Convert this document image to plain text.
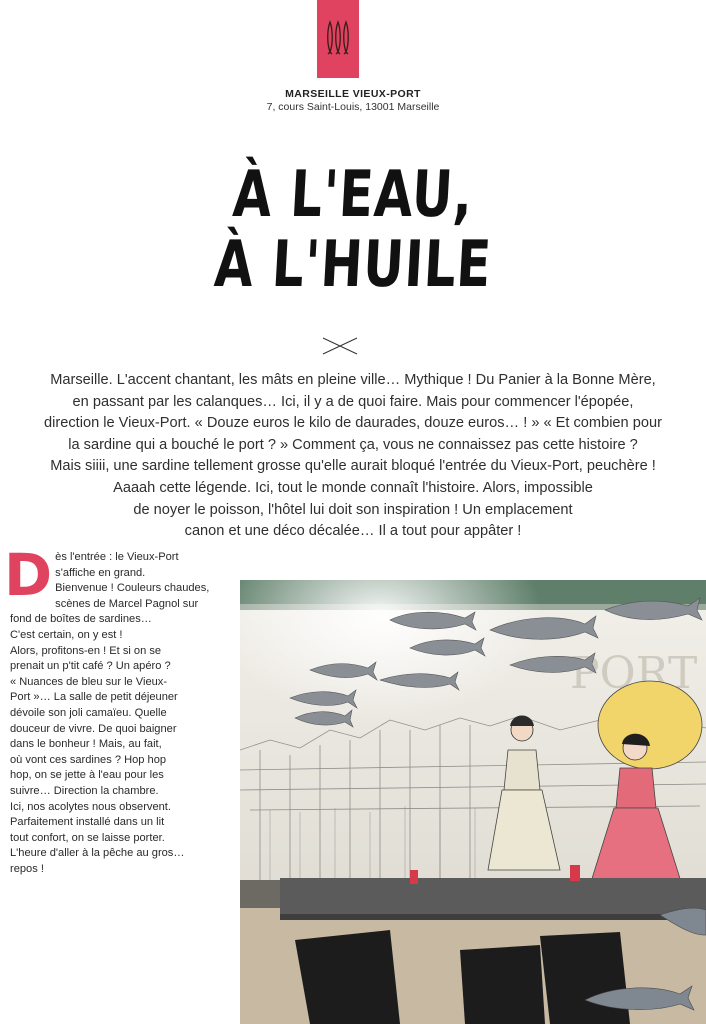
MARSEILLE VIEUX-PORT
7, cours Saint-Louis, 13001 Marseille
À L'EAU,
À L'HUILE
Marseille. L'accent chantant, les mâts en pleine ville… Mythique ! Du Panier à la Bonne Mère,
en passant par les calanques… Ici, il y a de quoi faire. Mais pour commencer l'épopée,
direction le Vieux-Port. « Douze euros le kilo de daurades, douze euros… ! » « Et combien pour
la sardine qui a bouché le port ? » Comment ça, vous ne connaissez pas cette histoire ?
Mais siiii, une sardine tellement grosse qu'elle aurait bloqué l'entrée du Vieux-Port, peuchère !
Aaaah cette légende. Ici, tout le monde connaît l'histoire. Alors, impossible
de noyer le poisson, l'hôtel lui doit son inspiration ! Un emplacement
canon et une déco décalée… Il a tout pour appâter !
D ès l'entrée : le Vieux-Port
s'affiche en grand.
Bienvenue ! Couleurs chaudes,
scènes de Marcel Pagnol sur
fond de boîtes de sardines…
C'est certain, on y est !
Alors, profitons-en ! Et si on se
prenait un p'tit café ? Un apéro ?
« Nuances de bleu sur le Vieux-
Port »… La salle de petit déjeuner
dévoile son joli camaïeu. Quelle
douceur de vivre. De quoi baigner
dans le bonheur ! Mais, au fait,
où vont ces sardines ? Hop hop
hop, on se jette à l'eau pour les
suivre… Direction la chambre.
Ici, nos acolytes nous observent.
Parfaitement installé dans un lit
tout confort, on se laisse porter.
L'heure d'aller à la pêche au gros…
repos !
